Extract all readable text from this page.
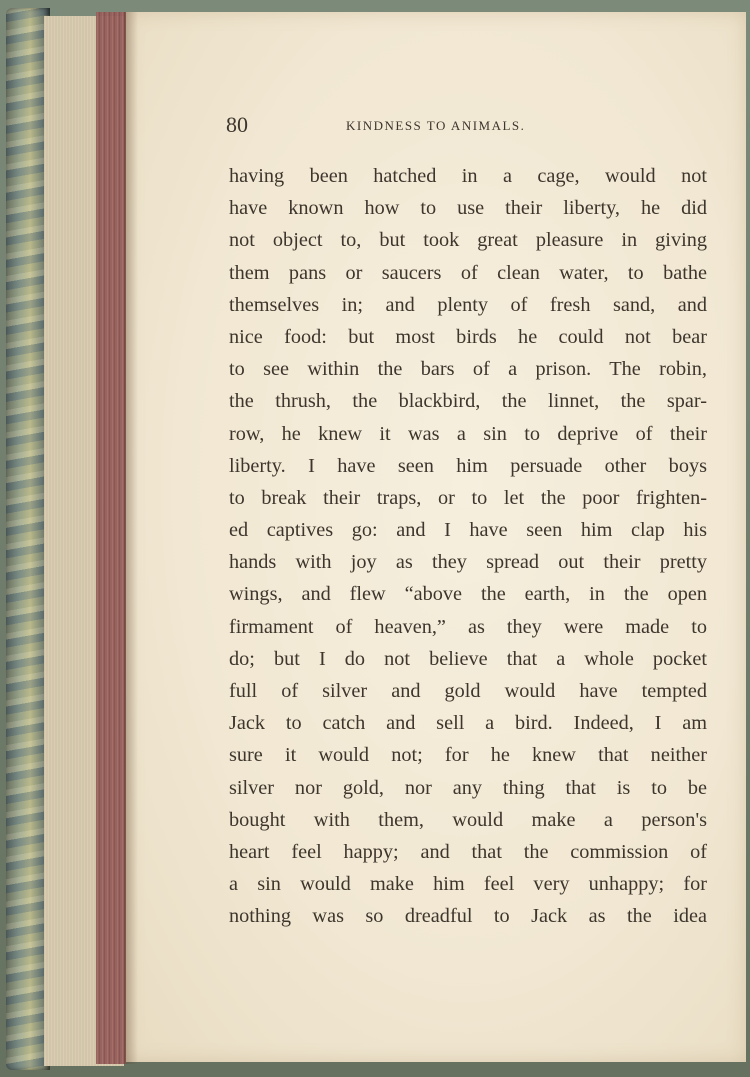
80	KINDNESS TO ANIMALS.
having been hatched in a cage, would not
have known how to use their liberty, he did
not object to, but took great pleasure in giving
them pans or saucers of clean water, to bathe
themselves in; and plenty of fresh sand, and
nice food: but most birds he could not bear
to see within the bars of a prison. The robin,
the thrush, the blackbird, the linnet, the spar-
row, he knew it was a sin to deprive of their
liberty. I have seen him persuade other boys
to break their traps, or to let the poor frighten-
ed captives go: and I have seen him clap his
hands with joy as they spread out their pretty
wings, and flew “above the earth, in the open
firmament of heaven,” as they were made to
do; but I do not believe that a whole pocket
full of silver and gold would have tempted
Jack to catch and sell a bird. Indeed, I am
sure it would not; for he knew that neither
silver nor gold, nor any thing that is to be
bought with them, would make a person's
heart feel happy; and that the commission of
a sin would make him feel very unhappy; for
nothing was so dreadful to Jack as the idea
